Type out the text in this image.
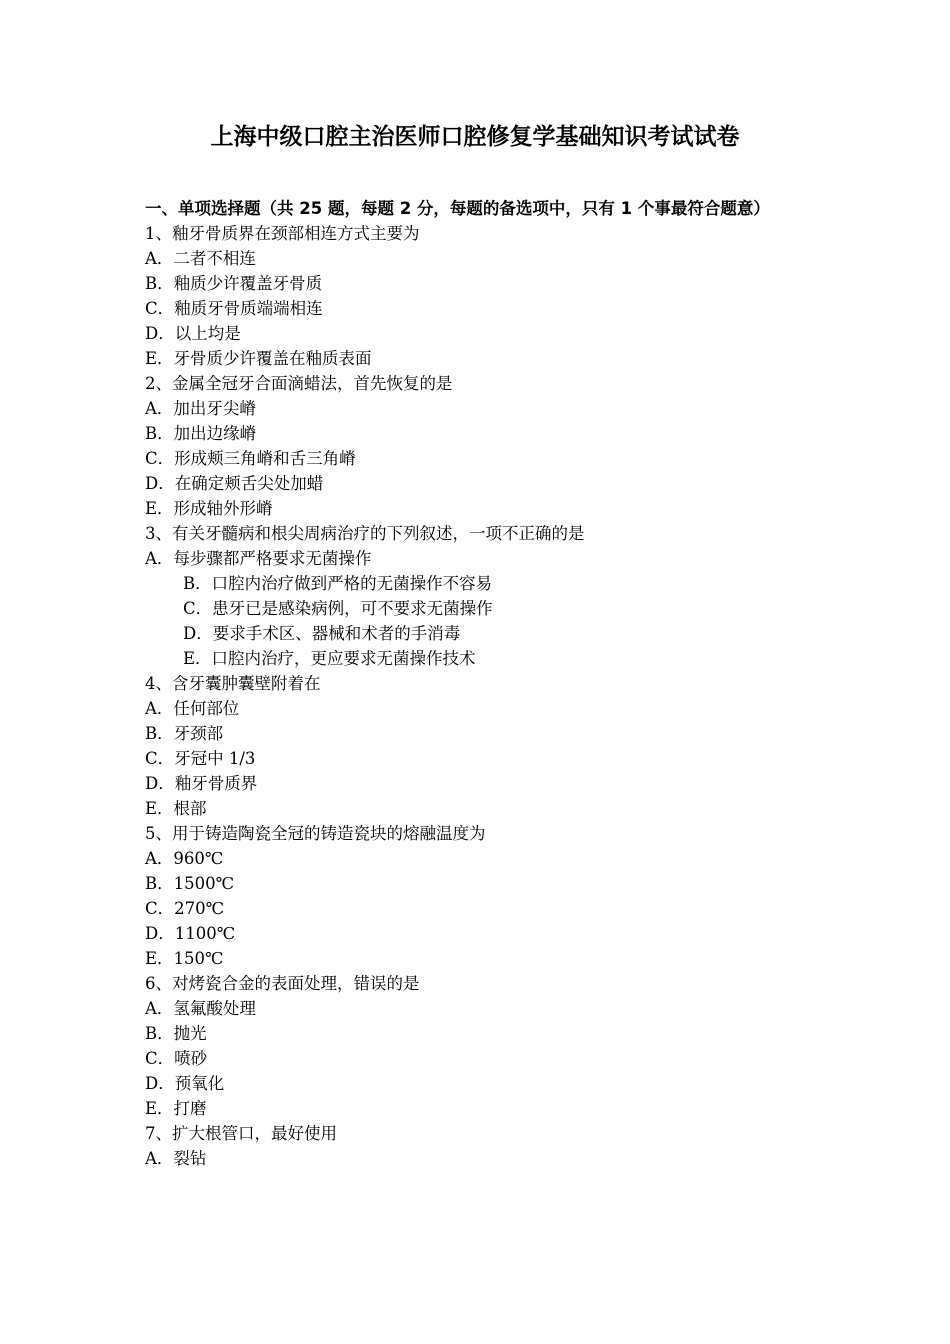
上海中级口腔主治医师口腔修复学基础知识考试试卷

一、单项选择题（共 25 题，每题 2 分，每题的备选项中，只有 1 个事最符合题意）

1、釉牙骨质界在颈部相连方式主要为

A．二者不相连

B．釉质少许覆盖牙骨质

C．釉质牙骨质端端相连

D．以上均是

E．牙骨质少许覆盖在釉质表面

2、金属全冠牙合面滴蜡法，首先恢复的是

A．加出牙尖嵴

B．加出边缘嵴

C．形成颊三角嵴和舌三角嵴

D．在确定颊舌尖处加蜡

E．形成轴外形嵴

3、有关牙髓病和根尖周病治疗的下列叙述，一项不正确的是

A．每步骤都严格要求无菌操作

B．口腔内治疗做到严格的无菌操作不容易

C．患牙已是感染病例，可不要求无菌操作

D．要求手术区、器械和术者的手消毒

E．口腔内治疗，更应要求无菌操作技术

4、含牙囊肿囊壁附着在

A．任何部位

B．牙颈部

C．牙冠中 1/3

D．釉牙骨质界

E．根部

5、用于铸造陶瓷全冠的铸造瓷块的熔融温度为

A．960℃

B．1500℃

C．270℃

D．1100℃

E．150℃

6、对烤瓷合金的表面处理，错误的是

A．氢氟酸处理

B．抛光

C．喷砂

D．预氧化

E．打磨

7、扩大根管口，最好使用

A．裂钻
